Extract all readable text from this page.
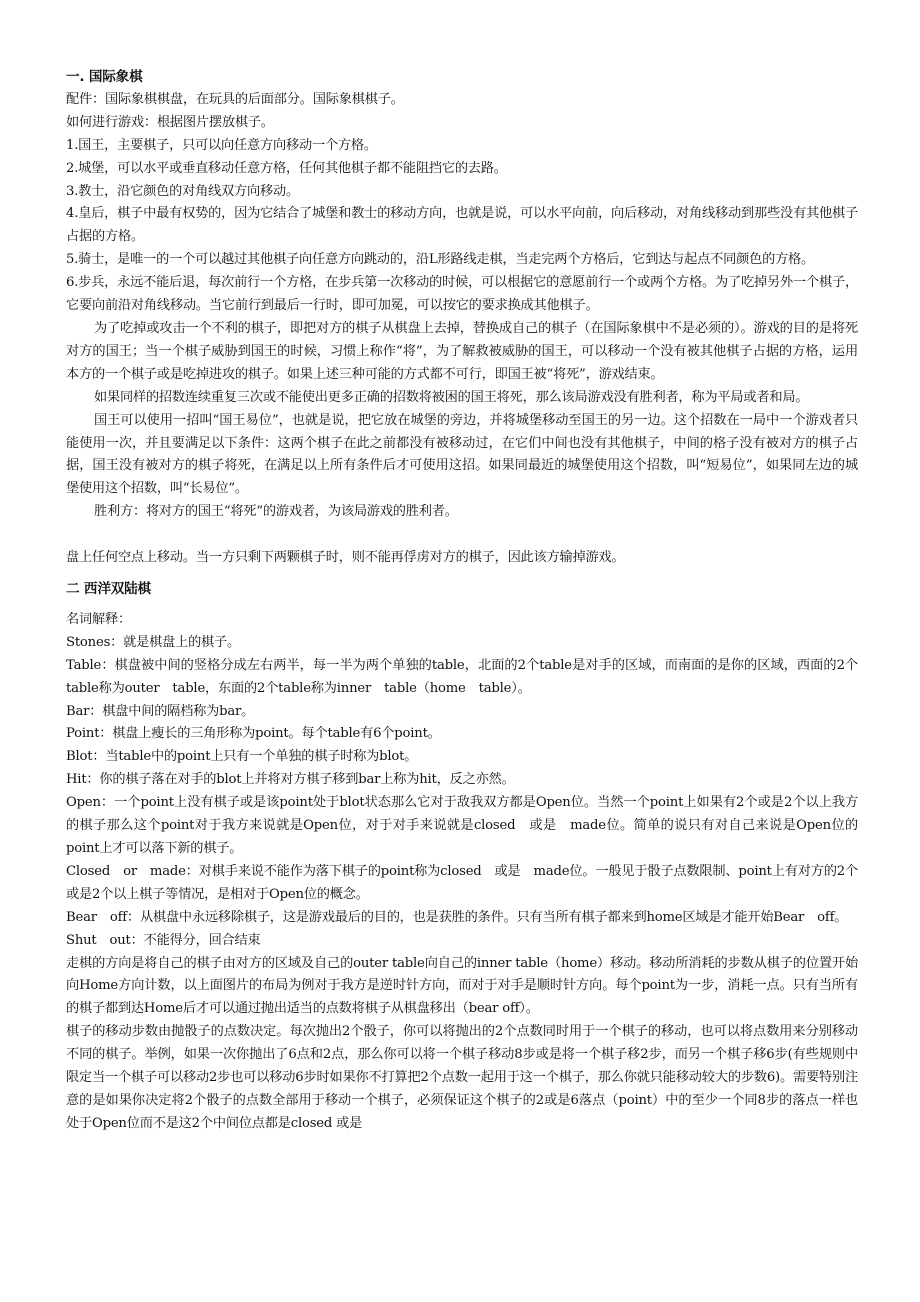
一. 国际象棋
配件：国际象棋棋盘，在玩具的后面部分。国际象棋棋子。
如何进行游戏：根据图片摆放棋子。
1.国王，主要棋子，只可以向任意方向移动一个方格。
2.城堡，可以水平或垂直移动任意方格，任何其他棋子都不能阻挡它的去路。
3.教士，沿它颜色的对角线双方向移动。
4.皇后，棋子中最有权势的，因为它结合了城堡和教士的移动方向，也就是说，可以水平向前，向后移动，对角线移动到那些没有其他棋子占据的方格。
5.骑士，是唯一的一个可以越过其他棋子向任意方向跳动的，沿L形路线走棋，当走完两个方格后，它到达与起点不同颜色的方格。
6.步兵，永远不能后退，每次前行一个方格，在步兵第一次移动的时候，可以根据它的意愿前行一个或两个方格。为了吃掉另外一个棋子，它要向前沿对角线移动。当它前行到最后一行时，即可加冕，可以按它的要求换成其他棋子。
为了吃掉或攻击一个不利的棋子，即把对方的棋子从棋盘上去掉，替换成自己的棋子（在国际象棋中不是必须的）。游戏的目的是将死对方的国王；当一个棋子威胁到国王的时候，习惯上称作“将”，为了解救被威胁的国王，可以移动一个没有被其他棋子占据的方格，运用本方的一个棋子或是吃掉进攻的棋子。如果上述三种可能的方式都不可行，即国王被“将死”，游戏结束。
如果同样的招数连续重复三次或不能使出更多正确的招数将被困的国王将死，那么该局游戏没有胜利者，称为平局或者和局。
国王可以使用一招叫“国王易位”，也就是说，把它放在城堡的旁边，并将城堡移动至国王的另一边。这个招数在一局中一个游戏者只能使用一次，并且要满足以下条件：这两个棋子在此之前都没有被移动过，在它们中间也没有其他棋子，中间的格子没有被对方的棋子占据，国王没有被对方的棋子将死，在满足以上所有条件后才可使用这招。如果同最近的城堡使用这个招数，叫“短易位”，如果同左边的城堡使用这个招数，叫“长易位”。
胜利方：将对方的国王“将死”的游戏者，为该局游戏的胜利者。
盘上任何空点上移动。当一方只剩下两颗棋子时，则不能再俘虏对方的棋子，因此该方输掉游戏。
二 西洋双陆棋
名词解释：
Stones：就是棋盘上的棋子。
Table：棋盘被中间的竖格分成左右两半，每一半为两个单独的table，北面的2个table是对手的区域，而南面的是你的区域，西面的2个table称为outer　table，东面的2个table称为inner　table（home　table）。
Bar：棋盘中间的隔档称为bar。
Point：棋盘上瘦长的三角形称为point。每个table有6个point。
Blot：当table中的point上只有一个单独的棋子时称为blot。
Hit：你的棋子落在对手的blot上并将对方棋子移到bar上称为hit，反之亦然。
Open：一个point上没有棋子或是该point处于blot状态那么它对于敌我双方都是Open位。当然一个point上如果有2个或是2个以上我方的棋子那么这个point对于我方来说就是Open位，对于对手来说就是closed　或是　made位。简单的说只有对自己来说是Open位的point上才可以落下新的棋子。
Closed　or　made：对棋手来说不能作为落下棋子的point称为closed　或是　made位。一般见于骰子点数限制、point上有对方的2个或是2个以上棋子等情况，是相对于Open位的概念。
Bear　off：从棋盘中永远移除棋子，这是游戏最后的目的，也是获胜的条件。只有当所有棋子都来到home区域是才能开始Bear　off。
Shut　out：不能得分，回合结束
走棋的方向是将自己的棋子由对方的区域及自己的outer table向自己的inner table（home）移动。移动所消耗的步数从棋子的位置开始向Home方向计数，以上面图片的布局为例对于我方是逆时针方向，而对于对手是顺时针方向。每个point为一步，消耗一点。只有当所有的棋子都到达Home后才可以通过抛出适当的点数将棋子从棋盘移出（bear off）。
棋子的移动步数由抛骰子的点数决定。每次抛出2个骰子，你可以将抛出的2个点数同时用于一个棋子的移动，也可以将点数用来分别移动不同的棋子。举例，如果一次你抛出了6点和2点，那么你可以将一个棋子移动8步或是将一个棋子移2步，而另一个棋子移6步(有些规则中限定当一个棋子可以移动2步也可以移动6步时如果你不打算把2个点数一起用于这一个棋子，那么你就只能移动较大的步数6)。需要特别注意的是如果你决定将2个骰子的点数全部用于移动一个棋子，必须保证这个棋子的2或是6落点（point）中的至少一个同8步的落点一样也处于Open位而不是这2个中间位点都是closed 或是
